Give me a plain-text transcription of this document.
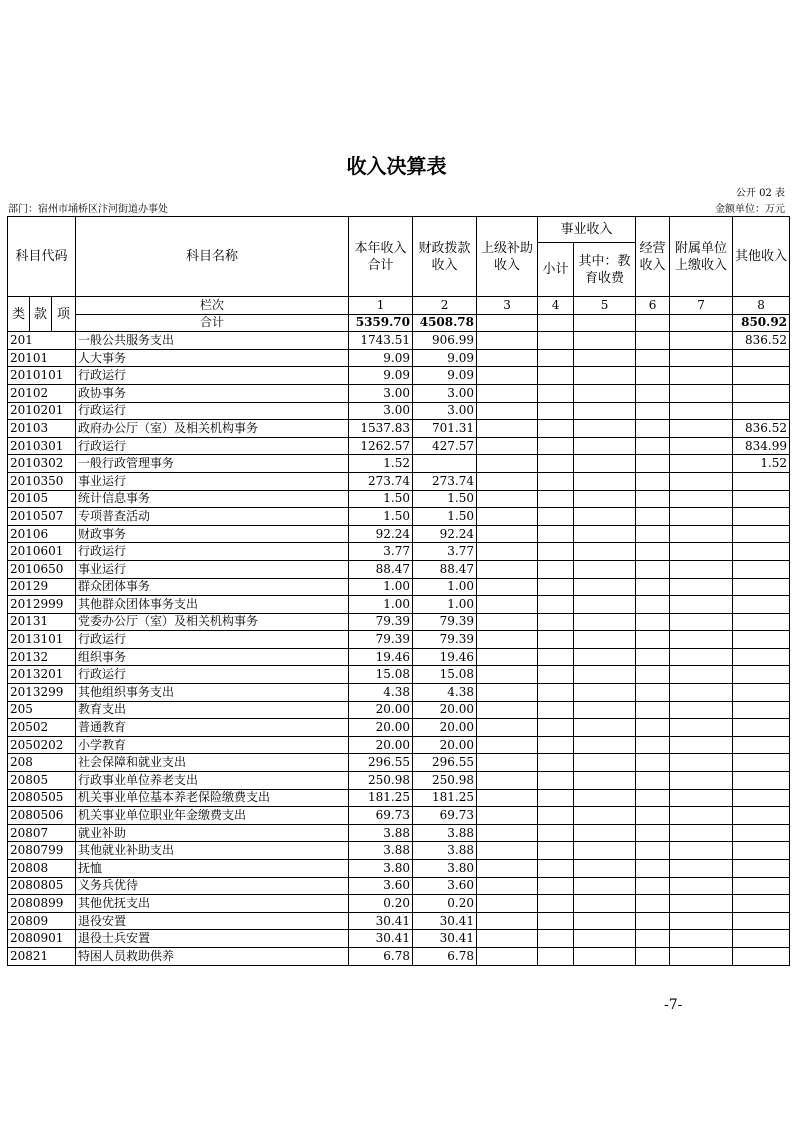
收入决算表
公开 02 表
部门：宿州市埇桥区汴河街道办事处	金额单位：万元
科目代码			科目名称	本年收入合计	财政拨款收入	上级补助收入	事业收入		经营收入	附属单位上缴收入	其他收入
							小计	其中：教育收费			

类	款	项	栏次	1	2	3	4	5	6	7	8
			合计	5359.70	4508.78						850.92
201			一般公共服务支出	1743.51	906.99						836.52
20101			人大事务	9.09	9.09						
2010101			行政运行	9.09	9.09						
20102			政协事务	3.00	3.00						
2010201			行政运行	3.00	3.00						
20103			政府办公厅（室）及相关机构事务	1537.83	701.31						836.52
2010301			行政运行	1262.57	427.57						834.99
2010302			一般行政管理事务	1.52							1.52
2010350			事业运行	273.74	273.74						
20105			统计信息事务	1.50	1.50						
2010507			专项普查活动	1.50	1.50						
20106			财政事务	92.24	92.24						
2010601			行政运行	3.77	3.77						
2010650			事业运行	88.47	88.47						
20129			群众团体事务	1.00	1.00						
2012999			其他群众团体事务支出	1.00	1.00						
20131			党委办公厅（室）及相关机构事务	79.39	79.39						
2013101			行政运行	79.39	79.39						
20132			组织事务	19.46	19.46						
2013201			行政运行	15.08	15.08						
2013299			其他组织事务支出	4.38	4.38						
205			教育支出	20.00	20.00						
20502			普通教育	20.00	20.00						
2050202			小学教育	20.00	20.00						
208			社会保障和就业支出	296.55	296.55						
20805			行政事业单位养老支出	250.98	250.98						
2080505			机关事业单位基本养老保险缴费支出	181.25	181.25						
2080506			机关事业单位职业年金缴费支出	69.73	69.73						
20807			就业补助	3.88	3.88						
2080799			其他就业补助支出	3.88	3.88						
20808			抚恤	3.80	3.80						
2080805			义务兵优待	3.60	3.60						
2080899			其他优抚支出	0.20	0.20						
20809			退役安置	30.41	30.41						
2080901			退役士兵安置	30.41	30.41						
20821			特困人员救助供养	6.78	6.78						
-7-
